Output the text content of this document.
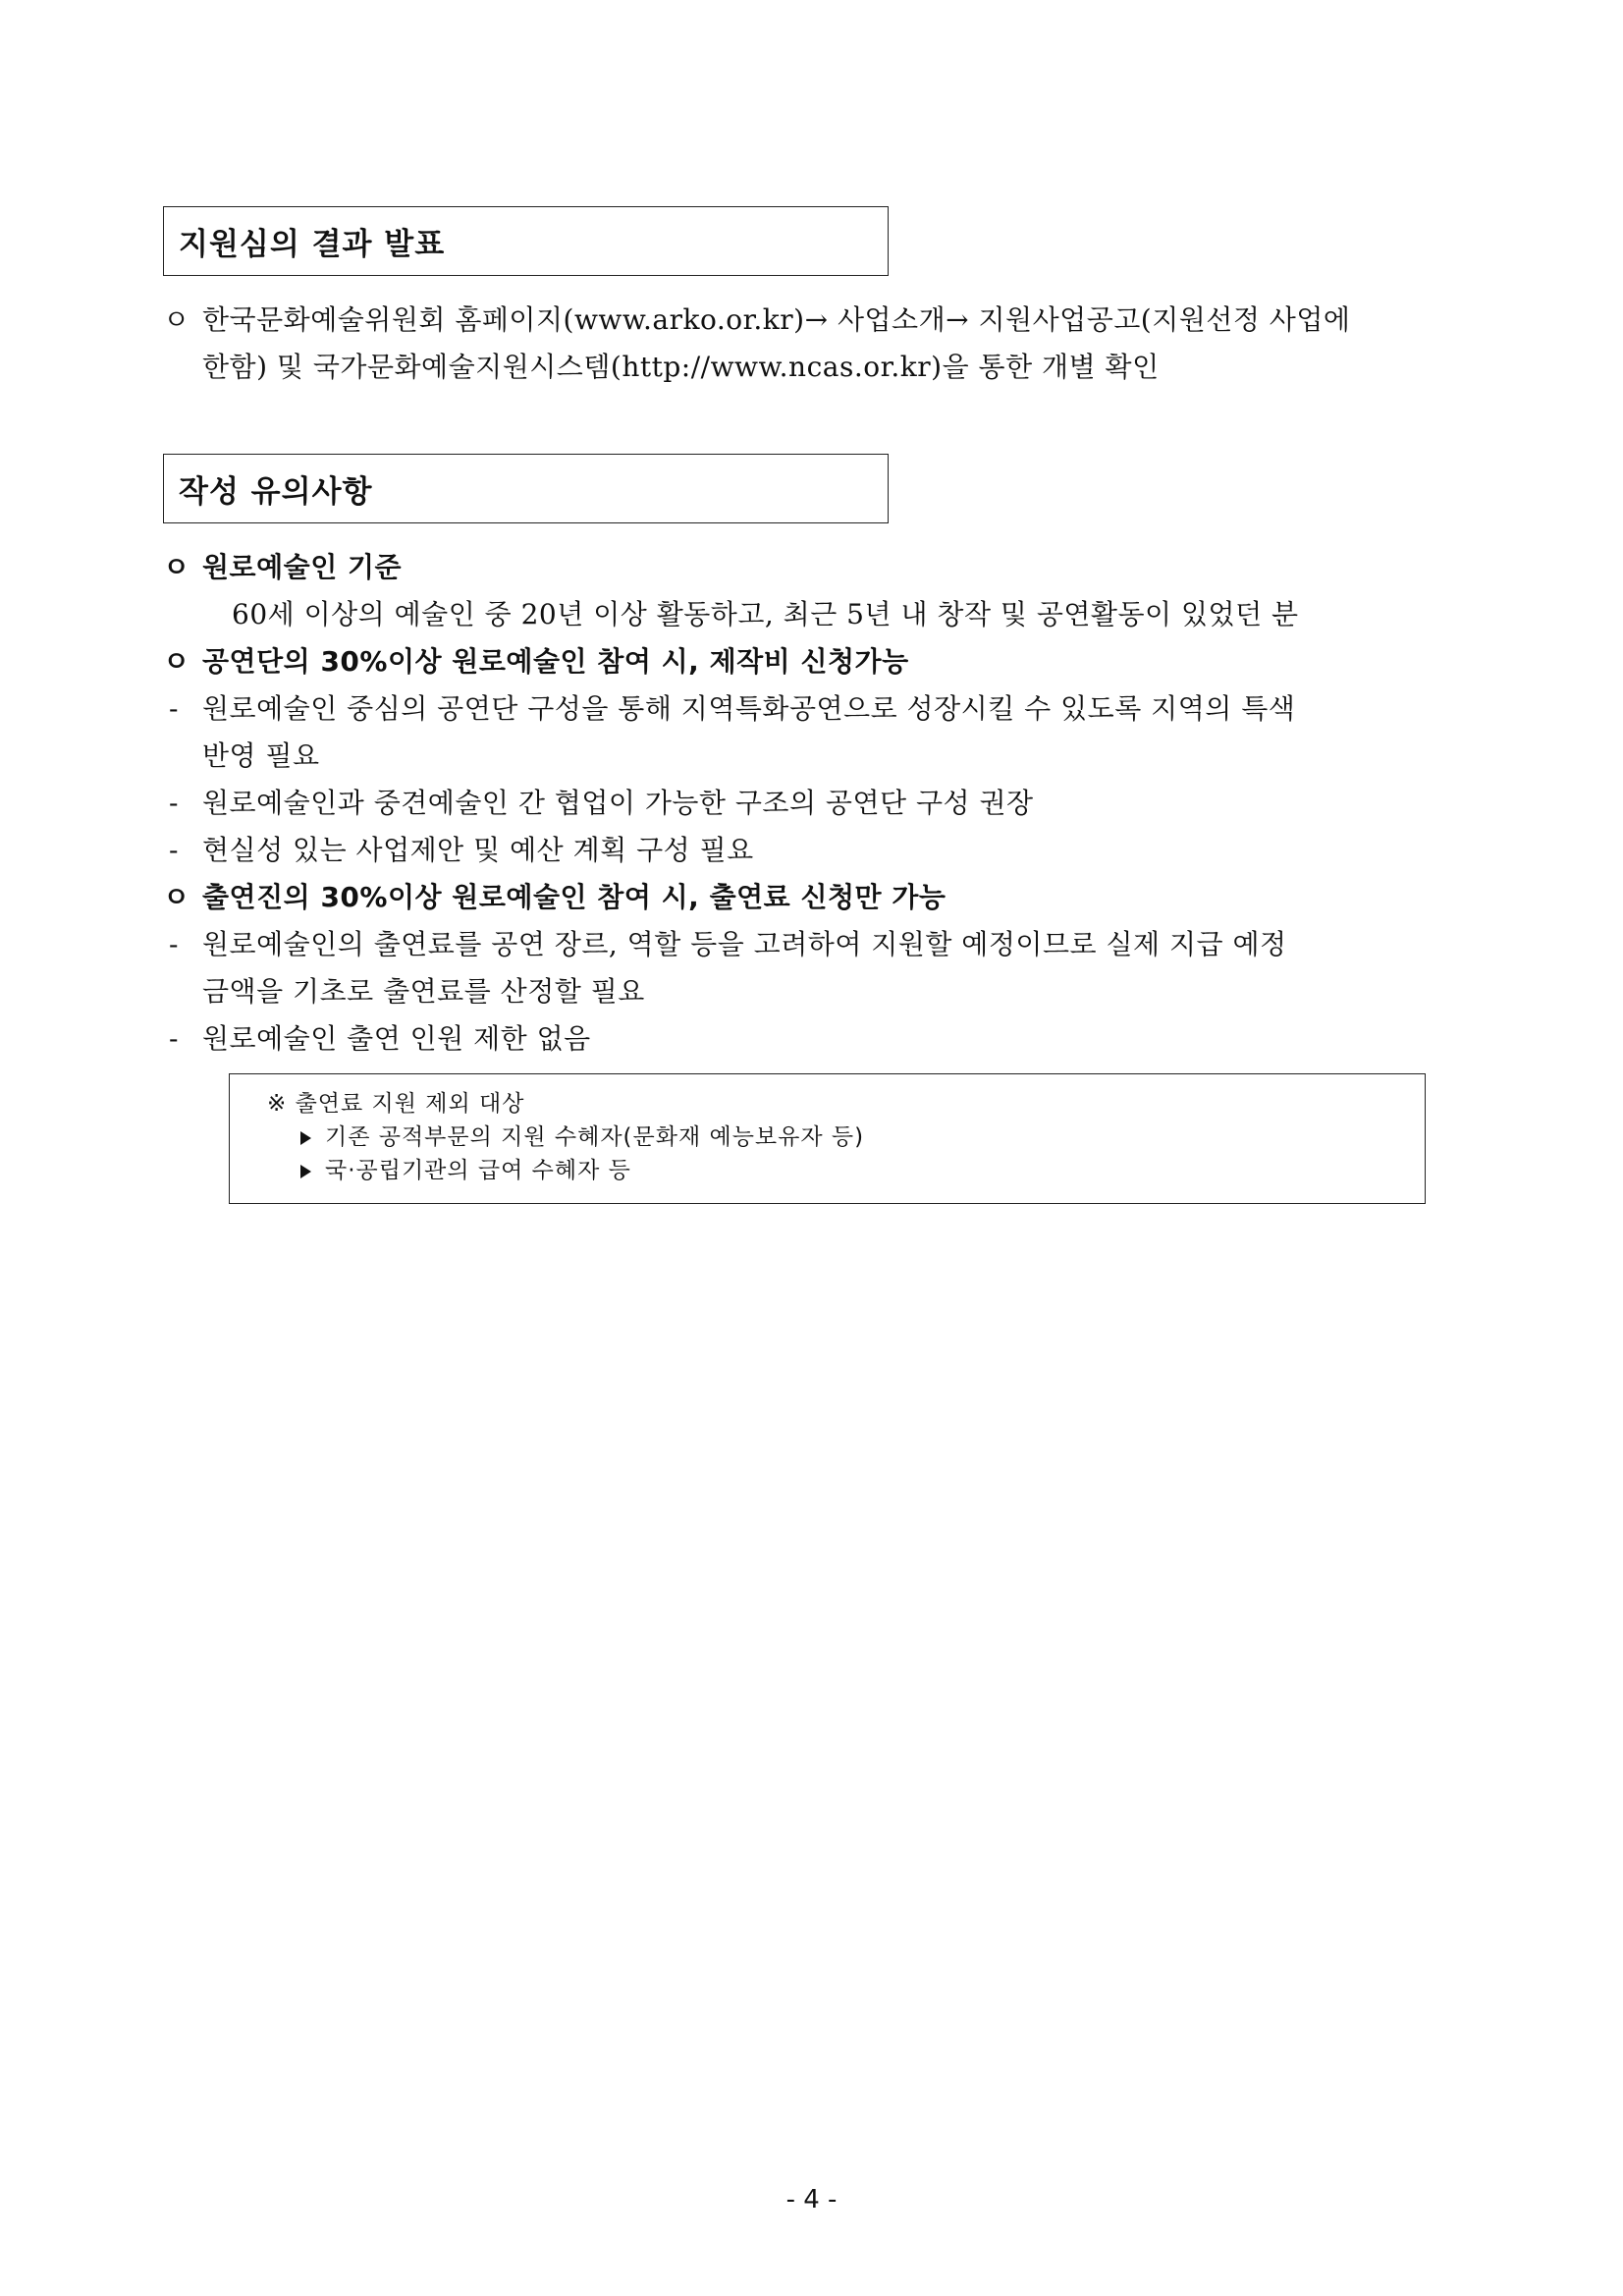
지원심의 결과 발표
ㅇ 한국문화예술위원회 홈페이지(www.arko.or.kr)→ 사업소개→ 지원사업공고(지원선정 사업에
한함) 및 국가문화예술지원시스템(http://www.ncas.or.kr)을 통한 개별 확인
작성 유의사항
ㅇ 원로예술인 기준
60세 이상의 예술인 중 20년 이상 활동하고, 최근 5년 내 창작 및 공연활동이 있었던 분
ㅇ 공연단의 30%이상 원로예술인 참여 시, 제작비 신청가능
- 원로예술인 중심의 공연단 구성을 통해 지역특화공연으로 성장시킬 수 있도록 지역의 특색
반영 필요
- 원로예술인과 중견예술인 간 협업이 가능한 구조의 공연단 구성 권장
- 현실성 있는 사업제안 및 예산 계획 구성 필요
ㅇ 출연진의 30%이상 원로예술인 참여 시, 출연료 신청만 가능
- 원로예술인의 출연료를 공연 장르, 역할 등을 고려하여 지원할 예정이므로 실제 지급 예정
금액을 기초로 출연료를 산정할 필요
- 원로예술인 출연 인원 제한 없음
※ 출연료 지원 제외 대상
기존 공적부문의 지원 수혜자(문화재 예능보유자 등)
국·공립기관의 급여 수혜자 등
- 4 -
